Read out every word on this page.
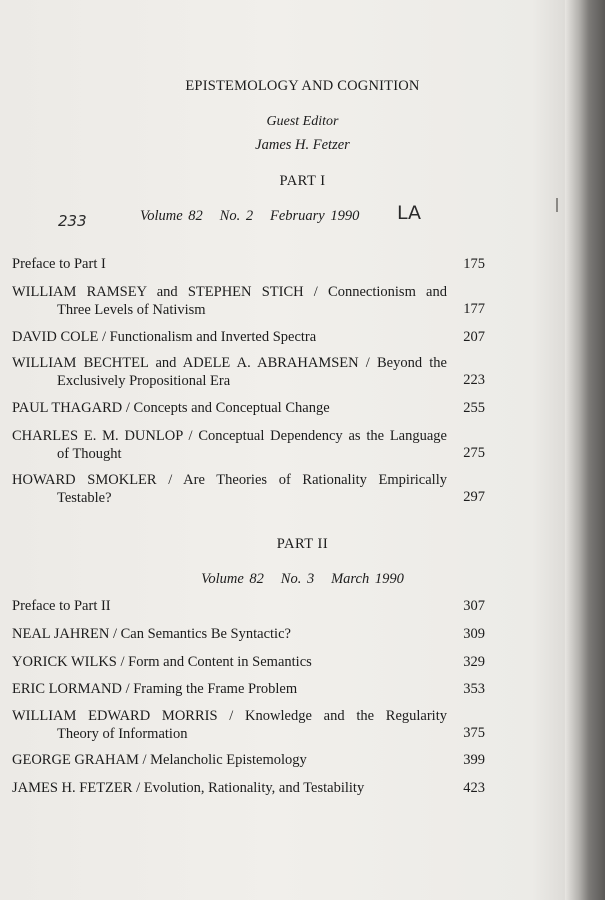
EPISTEMOLOGY AND COGNITION
Guest Editor
James H. Fetzer
PART I
233	Volume 82   No. 2   February 1990 LA
Preface to Part I	175
WILLIAM RAMSEY and STEPHEN STICH / Connectionism and
Three Levels of Nativism	177
DAVID COLE / Functionalism and Inverted Spectra	207
WILLIAM BECHTEL and ADELE A. ABRAHAMSEN / Beyond the
Exclusively Propositional Era	223
PAUL THAGARD / Concepts and Conceptual Change	255
CHARLES E. M. DUNLOP / Conceptual Dependency as the Language
of Thought	275
HOWARD SMOKLER / Are Theories of Rationality Empirically
Testable?	297
PART II
Volume 82   No. 3   March 1990
Preface to Part II	307
NEAL JAHREN / Can Semantics Be Syntactic?	309
YORICK WILKS / Form and Content in Semantics	329
ERIC LORMAND / Framing the Frame Problem	353
WILLIAM EDWARD MORRIS / Knowledge and the Regularity
Theory of Information	375
GEORGE GRAHAM / Melancholic Epistemology	399
JAMES H. FETZER / Evolution, Rationality, and Testability	423
